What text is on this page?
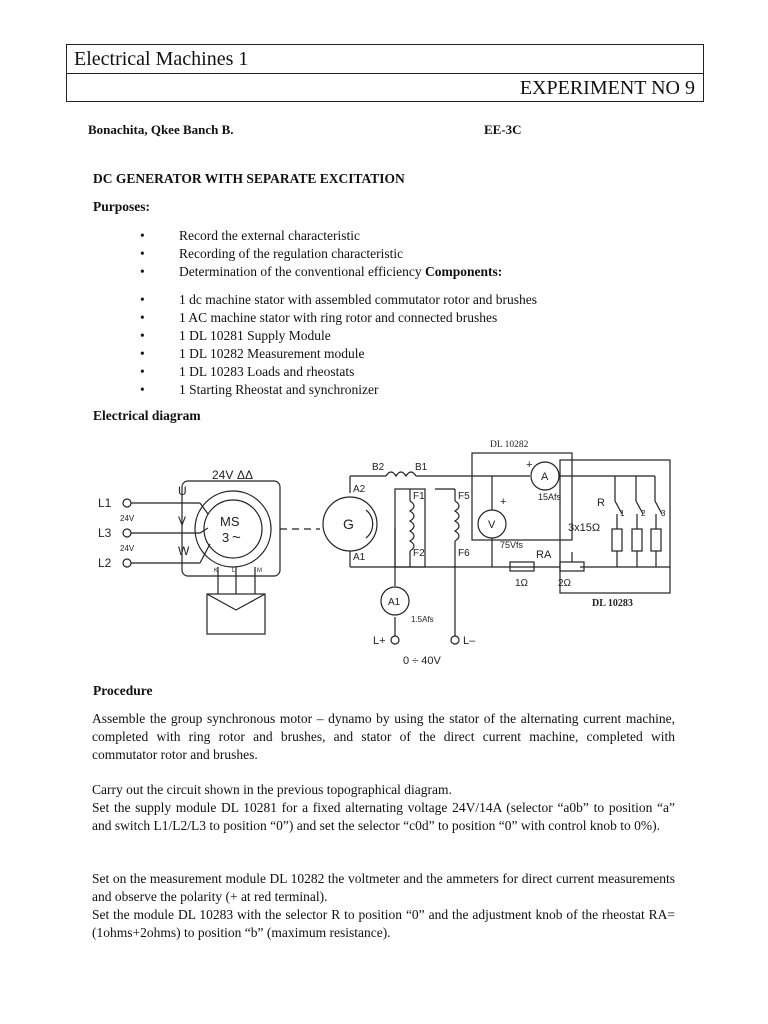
Electrical Machines 1
EXPERIMENT NO 9
Bonachita, Qkee Banch B.	EE-3C
DC GENERATOR WITH SEPARATE EXCITATION
Purposes:
•	Record the external characteristic
•	Recording of the regulation characteristic
•	Determination of the conventional efficiency Components:
•	1 dc machine stator with assembled commutator rotor and brushes
•	1 AC machine stator with ring rotor and connected brushes
•	1 DL 10281 Supply Module
•	1 DL 10282 Measurement module
•	1 DL 10283 Loads and rheostats
•	1 Starting Rheostat and synchronizer
Electrical diagram
DL 10282
DL 10283
24V ΔΔ
L1
L3
L2
24V
24V
U
V
W
MS
3 ~
K L	M
G
A2
A1
B2	B1
F1
F2
F5
F6
V
A
A1
15Afs
75Vfs
1.5Afs
+
+	R
1 2 3
3x15Ω
RA
1Ω	2Ω
L+	L–
0 ÷ 40V
Procedure

Assemble the group synchronous motor – dynamo by using the stator of the alternating current machine, completed with ring rotor and brushes, and stator of the direct current machine, completed with commutator rotor and brushes.

Carry out the circuit shown in the previous topographical diagram.

Set the supply module DL 10281 for a fixed alternating voltage 24V/14A (selector “a0b” to position “a” and switch L1/L2/L3 to position “0”) and set the selector “c0d” to position “0” with control knob to 0%).

Set on the measurement module DL 10282 the voltmeter and the ammeters for direct current measurements and observe the polarity (+ at red terminal).

Set the module DL 10283 with the selector R to position “0” and the adjustment knob of the rheostat RA= (1ohms+2ohms) to position “b” (maximum resistance).
